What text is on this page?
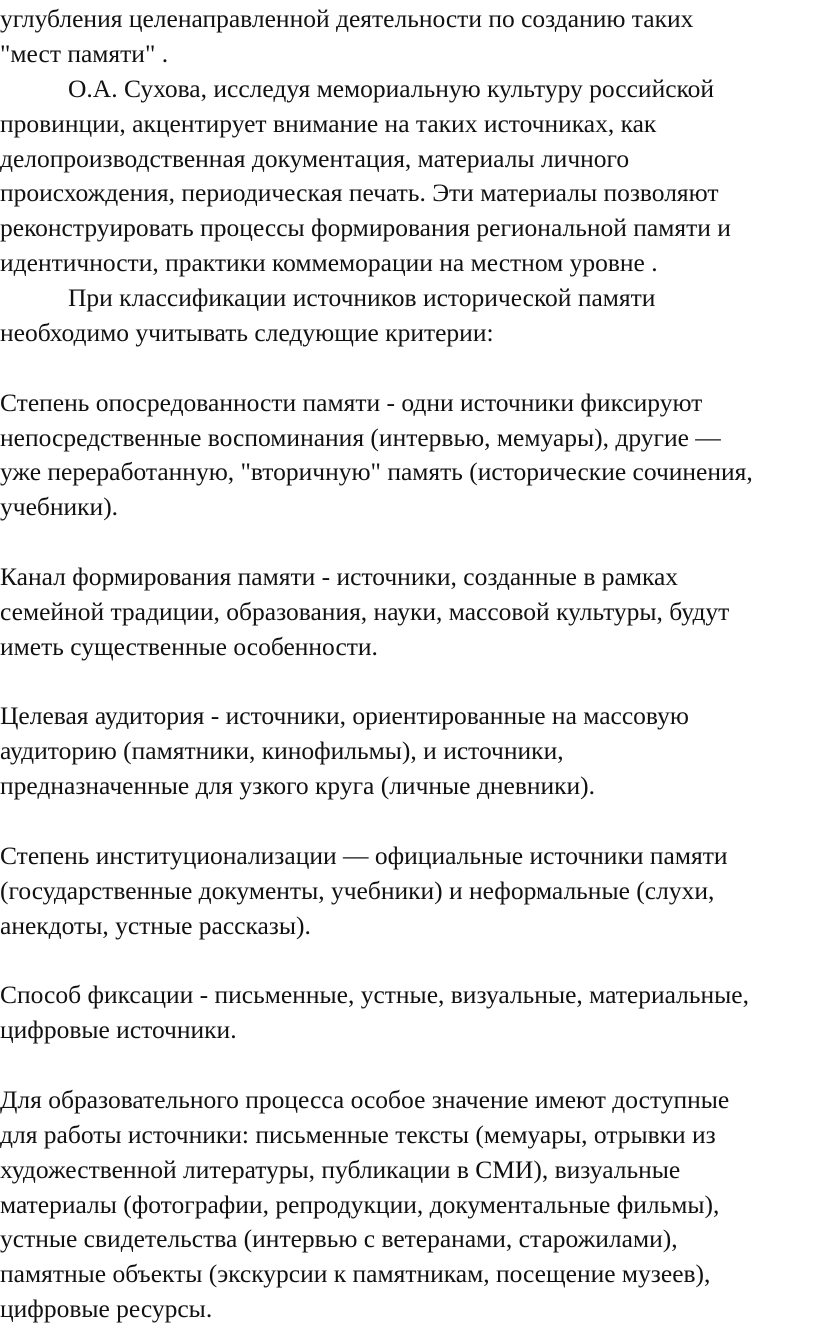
углубления целенаправленной деятельности по созданию таких
"мест памяти" .
О.А. Сухова, исследуя мемориальную культуру российской
провинции, акцентирует внимание на таких источниках, как
делопроизводственная документация, материалы личного
происхождения, периодическая печать. Эти материалы позволяют
реконструировать процессы формирования региональной памяти и
идентичности, практики коммеморации на местном уровне .
При классификации источников исторической памяти
необходимо учитывать следующие критерии:
Степень опосредованности памяти - одни источники фиксируют
непосредственные воспоминания (интервью, мемуары), другие —
уже переработанную, "вторичную" память (исторические сочинения,
учебники).
Канал формирования памяти - источники, созданные в рамках
семейной традиции, образования, науки, массовой культуры, будут
иметь существенные особенности.
Целевая аудитория - источники, ориентированные на массовую
аудиторию (памятники, кинофильмы), и источники,
предназначенные для узкого круга (личные дневники).
Степень институционализации — официальные источники памяти
(государственные документы, учебники) и неформальные (слухи,
анекдоты, устные рассказы).
Способ фиксации - письменные, устные, визуальные, материальные,
цифровые источники.
Для образовательного процесса особое значение имеют доступные
для работы источники: письменные тексты (мемуары, отрывки из
художественной литературы, публикации в СМИ), визуальные
материалы (фотографии, репродукции, документальные фильмы),
устные свидетельства (интервью с ветеранами, старожилами),
памятные объекты (экскурсии к памятникам, посещение музеев),
цифровые ресурсы.
